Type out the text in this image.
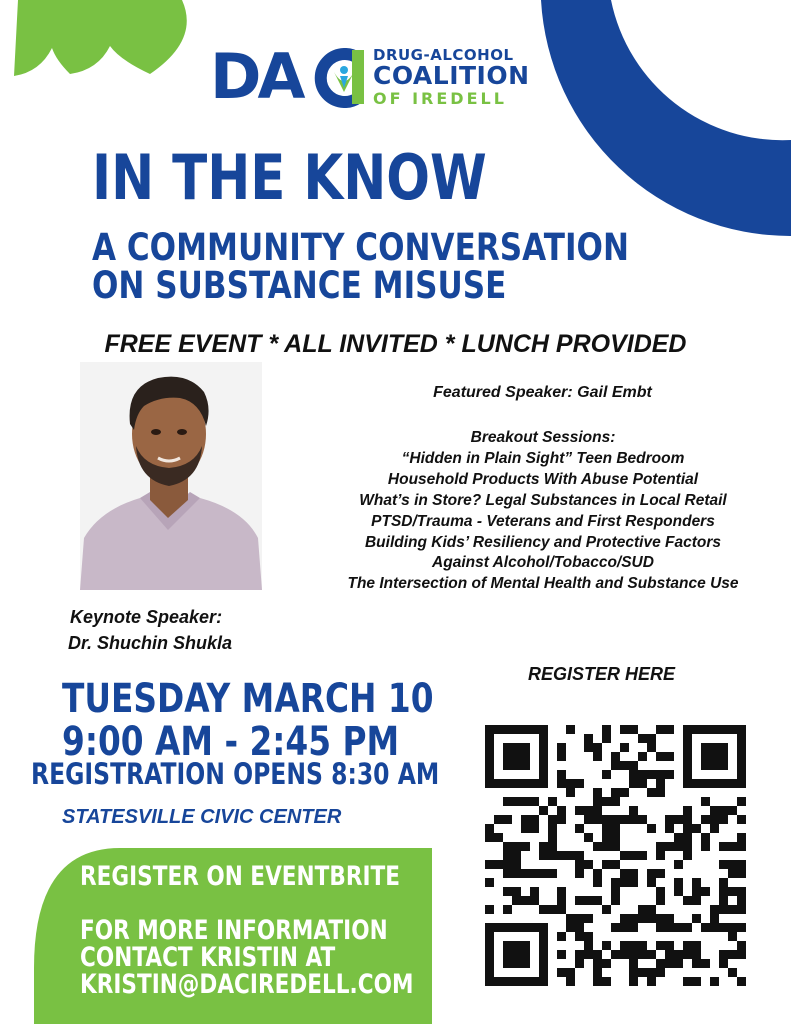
DA	DRUG-ALCOHOL
COALITION
OF IREDELL
IN THE KNOW
A COMMUNITY CONVERSATION
ON SUBSTANCE MISUSE
FREE EVENT * ALL INVITED * LUNCH PROVIDED
Featured Speaker: Gail Embt
Breakout Sessions:
“Hidden in Plain Sight” Teen Bedroom
Household Products With Abuse Potential
What’s in Store? Legal Substances in Local Retail
PTSD/Trauma - Veterans and First Responders
Building Kids’ Resiliency and Protective Factors
Against Alcohol/Tobacco/SUD
The Intersection of Mental Health and Substance Use
Keynote Speaker:
Dr. Shuchin Shukla
TUESDAY MARCH 10
9:00 AM - 2:45 PM
REGISTRATION OPENS 8:30 AM
STATESVILLE CIVIC CENTER
REGISTER HERE
REGISTER ON EVENTBRITE
FOR MORE INFORMATION
CONTACT KRISTIN AT
KRISTIN@DACIREDELL.COM
